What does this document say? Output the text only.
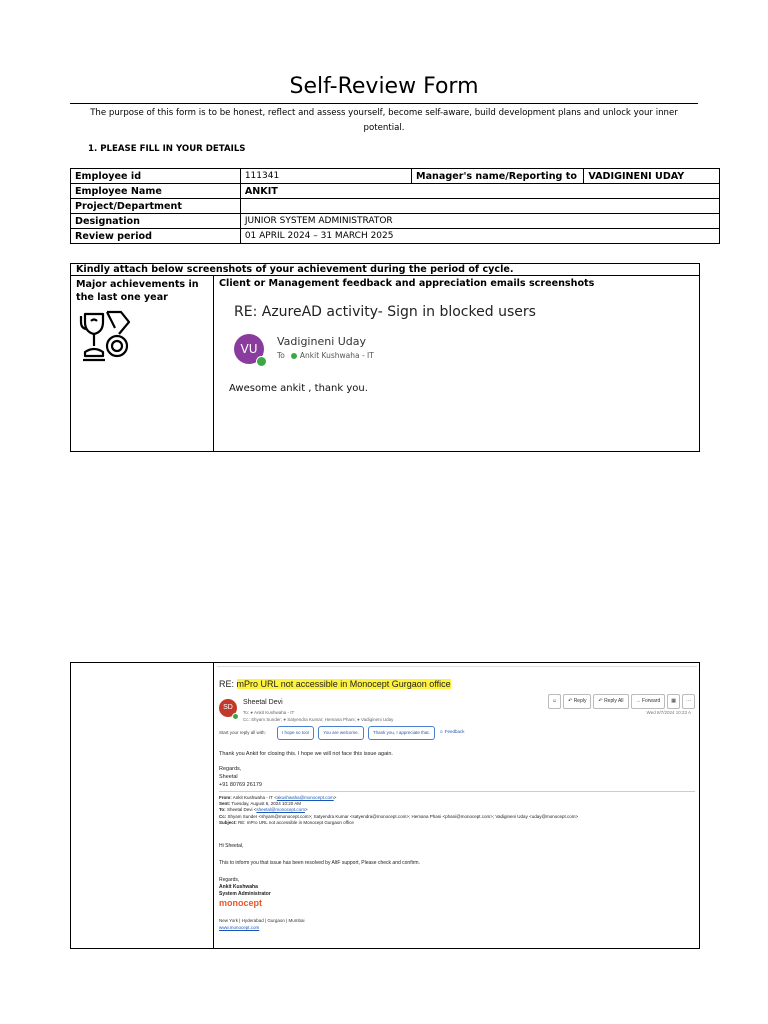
Self-Review Form
The purpose of this form is to be honest, reflect and assess yourself, become self-aware, build development plans and unlock your inner potential.
1. PLEASE FILL IN YOUR DETAILS
Employee id	111341	Manager's name/Reporting to	VADIGINENI UDAY
Employee Name	ANKIT		
Project/Department			
Designation	JUNIOR SYSTEM ADMINISTRATOR		
Review period	01 APRIL 2024 – 31 MARCH 2025		
Kindly attach below screenshots of your achievement during the period of cycle.
Major achievements in the last one year
Client or Management feedback and appreciation emails screenshots
RE: AzureAD activity- Sign in blocked users
VU
Vadigineni Uday
To Ankit Kushwaha - IT
Awesome ankit , thank you.
RE: mPro URL not accessible in Monocept Gurgaon office
SD
Sheetal Devi
To: ● Ankit Kushwaha - IT
Cc: Shyam Sunder; ● Satyendra Kumar; Hemana Phani; ● Vadigineni Uday
☺	↶ Reply	↶ Reply All	→ Forward	▦	···
Wed 8/7/2024 10:23 A
Start your reply all with:	I hope so too!	You are welcome.	Thank you, I appreciate that.	☺ Feedback

Thank you Ankit for closing this. I hope we will not face this issue again.

Regards,
Sheetal
+91 80769 26179
From: Ankit Kushwaha - IT <akushwaha@monocept.com>
Sent: Tuesday, August 6, 2024 10:20 AM
To: Sheetal Devi <sheetal@monocept.com>
Cc: Shyam Sunder <shyam@monocept.com>; Satyendra Kumar <satyendra@monocept.com>; Hemana Phani <phani@monocept.com>; Vadigineni Uday <uday@monocept.com>
Subject: RE: mPro URL not accessible in Monocept Gurgaon office

Hi Sheetal,

This to inform you that issue has been resolved by AltF support, Please check and confirm.

Regards,
Ankit Kushwaha
System Administrator
monocept
New York | Hyderabad | Gurgaon | Mumbai
www.monocept.com
